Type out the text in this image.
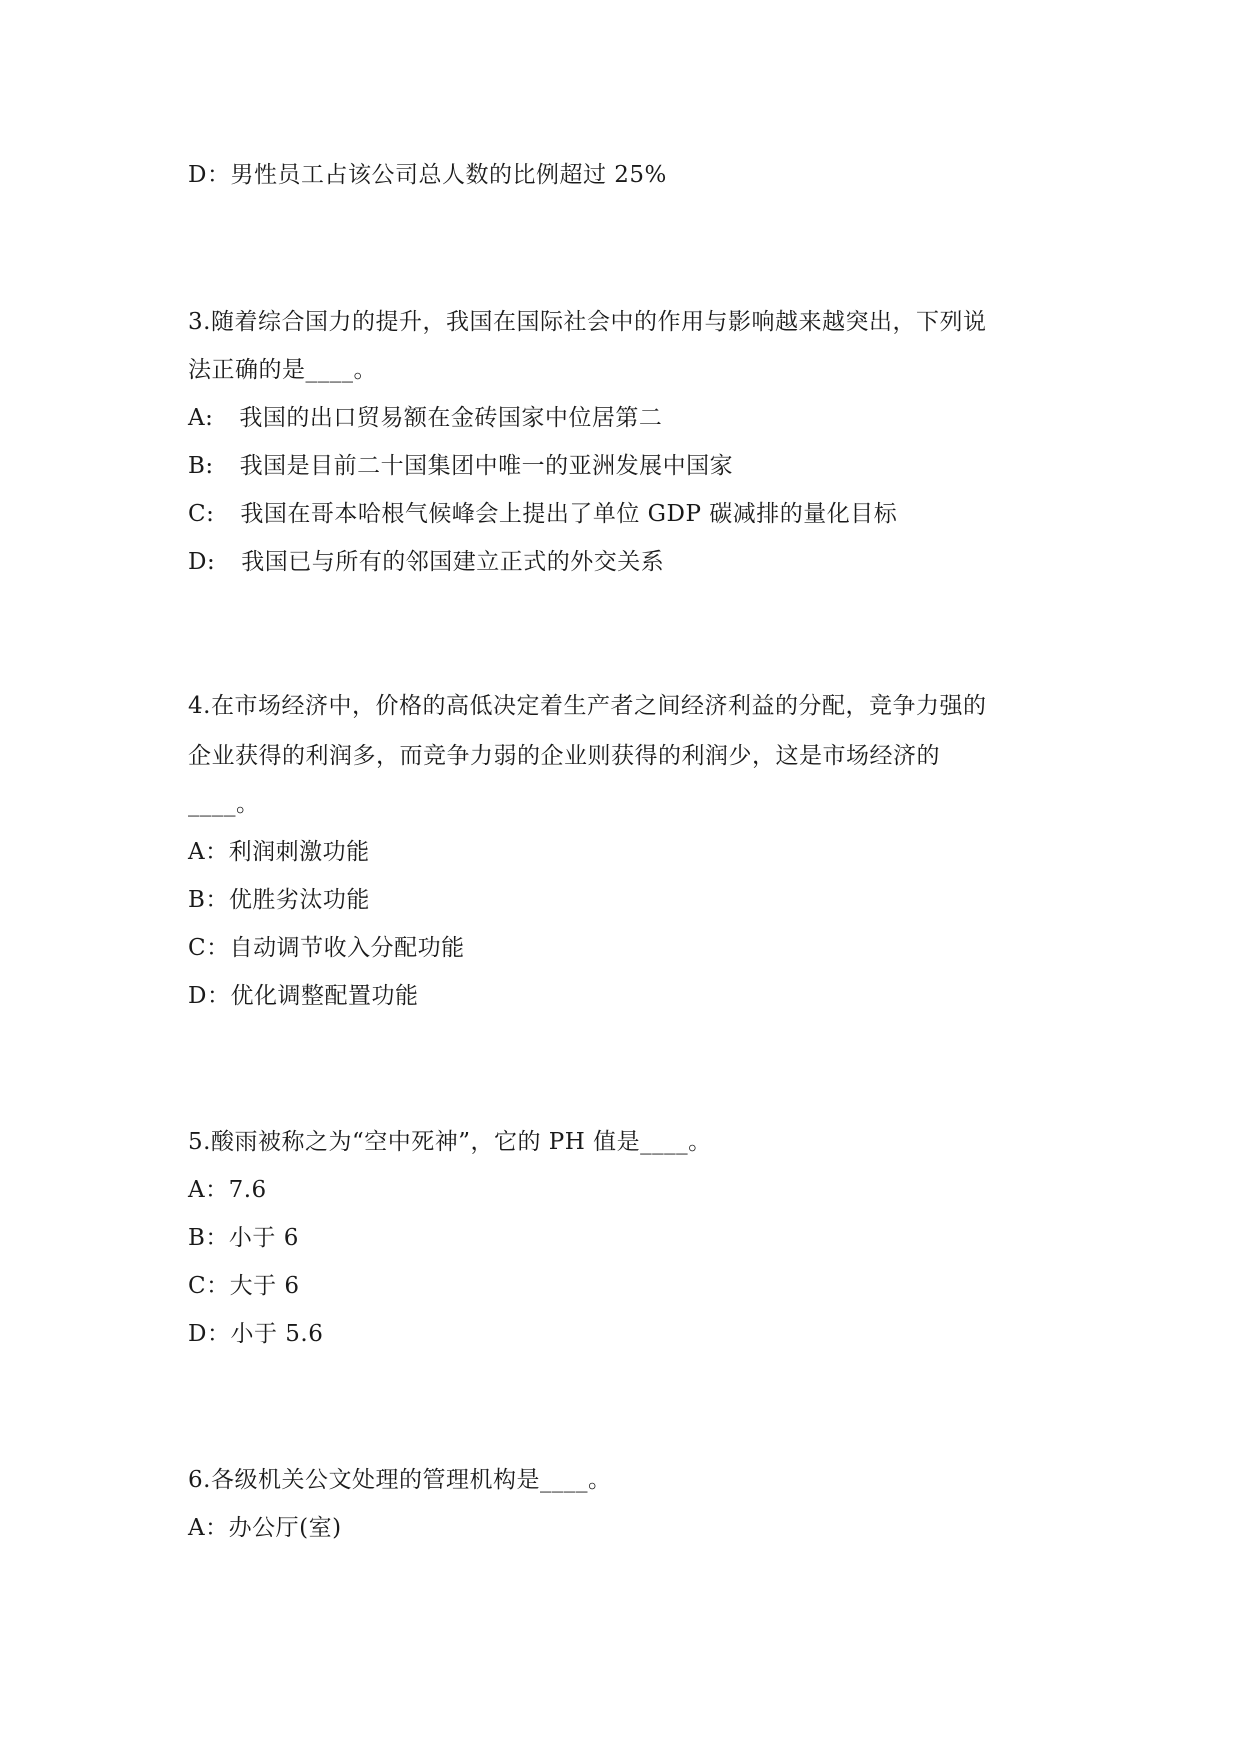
D：男性员工占该公司总人数的比例超过 25%
3.随着综合国力的提升，我国在国际社会中的作用与影响越来越突出，下列说
法正确的是____。
A: 我国的出口贸易额在金砖国家中位居第二
B: 我国是目前二十国集团中唯一的亚洲发展中国家
C: 我国在哥本哈根气候峰会上提出了单位 GDP 碳减排的量化目标
D: 我国已与所有的邻国建立正式的外交关系
4.在市场经济中，价格的高低决定着生产者之间经济利益的分配，竞争力强的
企业获得的利润多，而竞争力弱的企业则获得的利润少，这是市场经济的
____。
A：利润刺激功能
B：优胜劣汰功能
C：自动调节收入分配功能
D：优化调整配置功能
5.酸雨被称之为“空中死神”，它的 PH 值是____。
A：7.6
B：小于 6
C：大于 6
D：小于 5.6
6.各级机关公文处理的管理机构是____。
A：办公厅(室)
